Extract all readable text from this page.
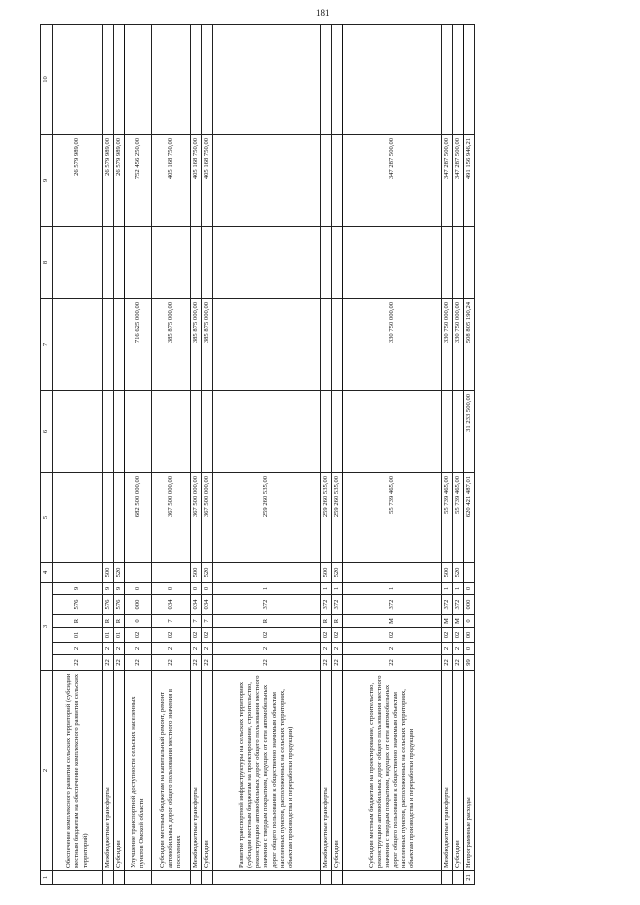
181
1	2	3						4	5	6	7	8	9	10
	Обеспечение комплексного развития сельских территорий (субсидии местным бюджетам на обеспечение комплексного развития сельских территорий)	22	2	01	R	576	9						26 579 989,00	
	Межбюджетные трансферты	22	2	01	R	576	9	500					26 579 989,00	
	Субсидии	22	2	01	R	576	9	520					26 579 989,00	
	Улучшение транспортной доступности сельских населенных пунктов Омской области	22	2	02	0	000	0		682 500 000,00		716 625 000,00		752 456 250,00	
	Субсидии местным бюджетам на капитальный ремонт, ремонт автомобильных дорог общего пользования местного значения в поселениях	22	2	02	7	034	0		367 500 000,00		385 875 000,00		405 168 750,00	
	Межбюджетные трансферты	22	2	02	7	034	0	500	367 500 000,00		385 875 000,00		405 168 750,00	
	Субсидии	22	2	02	7	034	0	520	367 500 000,00		385 875 000,00		405 168 750,00	
	Развитие транспортной инфраструктуры на сельских территориях (субсидии местным бюджетам на проектирование, строительство, реконструкцию автомобильных дорог общего пользования местного значения с твердым покрытием, ведущих от сети автомобильных дорог общего пользования к общественно значимым объектам населенных пунктов, расположенных на сельских территориях, объектам производства и переработки продукции)	22	2	02	R	372	1		259 260 535,00					
	Межбюджетные трансферты	22	2	02	R	372	1	500	259 260 535,00					
	Субсидии	22	2	02	R	372	1	520	259 260 535,00					
	Субсидии местным бюджетам на проектирование, строительство, реконструкцию автомобильных дорог общего пользования местного значения с твердым покрытием, ведущих от сети автомобильных дорог общего пользования к общественно значимым объектам населенных пунктов, расположенных на сельских территориях, объектам производства и переработки продукции	22	2	02	M	372	1		55 739 465,00		330 750 000,00		347 287 500,00	
	Межбюджетные трансферты	22	2	02	M	372	1	500	55 739 465,00		330 750 000,00		347 287 500,00	
	Субсидии	22	2	02	M	372	1	520	55 739 465,00		330 750 000,00		347 287 500,00	
21	Непрограммные расходы	99	0	00	0	000	0		620 421 487,01	31 233 500,00	508 805 190,24		491 156 946,21	
